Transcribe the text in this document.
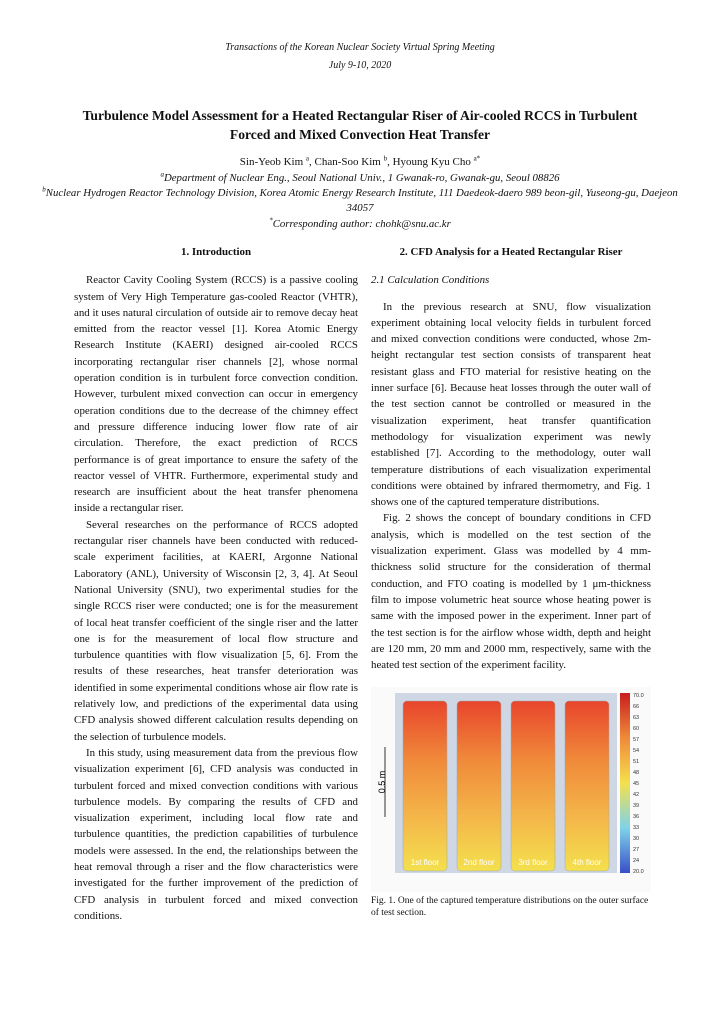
Transactions of the Korean Nuclear Society Virtual Spring Meeting
July 9-10, 2020
Turbulence Model Assessment for a Heated Rectangular Riser of Air-cooled RCCS in Turbulent Forced and Mixed Convection Heat Transfer
Sin-Yeob Kim $^a$, Chan-Soo Kim $^b$, Hyoung Kyu Cho $^{a*}$
$^a$Department of Nuclear Eng., Seoul National Univ., 1 Gwanak-ro, Gwanak-gu, Seoul 08826
$^b$Nuclear Hydrogen Reactor Technology Division, Korea Atomic Energy Research Institute, 111 Daedeok-daero 989 beon-gil, Yuseong-gu, Daejeon 34057
*Corresponding author: chohk@snu.ac.kr
1. Introduction

Reactor Cavity Cooling System (RCCS) is a passive cooling system of Very High Temperature gas-cooled Reactor (VHTR), and it uses natural circulation of outside air to remove decay heat emitted from the reactor vessel [1]. Korea Atomic Energy Research Institute (KAERI) designed air-cooled RCCS incorporating rectangular riser channels [2], whose normal operation condition is in turbulent force convection condition. However, turbulent mixed convection can occur in emergency operation conditions due to the decrease of the chimney effect and pressure difference inducing lower flow rate of air circulation. Therefore, the exact prediction of RCCS performance is of great importance to ensure the safety of the reactor vessel of VHTR. Furthermore, experimental study and research are insufficient about the heat transfer phenomena inside a rectangular riser.

Several researches on the performance of RCCS adopted rectangular riser channels have been conducted with reduced-scale experiment facilities, at KAERI, Argonne National Laboratory (ANL), University of Wisconsin [2, 3, 4]. At Seoul National University (SNU), two experimental studies for the single RCCS riser were conducted; one is for the measurement of local heat transfer coefficient of the single riser and the latter one is for the measurement of local flow structure and turbulence quantities with flow visualization [5, 6]. From the results of these researches, heat transfer deterioration was identified in some experimental conditions whose air flow rate is relatively low, and predictions of the experimental data using CFD analysis showed different calculation results depending on the selection of turbulence models.

In this study, using measurement data from the previous flow visualization experiment [6], CFD analysis was conducted in turbulent forced and mixed convection conditions with various turbulence models. By comparing the results of CFD and visualization experiment, including local flow rate and turbulence quantities, the prediction capabilities of turbulence models were assessed. In the end, the relationships between the heat removal through a riser and the flow characteristics were investigated for the further improvement of the prediction of CFD analysis in turbulent forced and mixed convection conditions.

2. CFD Analysis for a Heated Rectangular Riser
2.1 Calculation Conditions

In the previous research at SNU, flow visualization experiment obtaining local velocity fields in turbulent forced and mixed convection conditions were conducted, whose 2m-height rectangular test section consists of transparent heat resistant glass and FTO material for resistive heating on the inner surface [6]. Because heat losses through the outer wall of the test section cannot be controlled or measured in the visualization experiment, heat transfer quantification methodology for visualization experiment was newly established [7]. According to the methodology, outer wall temperature distributions of each visualization experimental conditions were obtained by infrared thermometry, and Fig. 1 shows one of the captured temperature distributions.

Fig. 2 shows the concept of boundary conditions in CFD analysis, which is modelled on the test section of the visualization experiment. Glass was modelled by 4 mm-thickness solid structure for the consideration of thermal conduction, and FTO coating is modelled by 1 μm-thickness film to impose volumetric heat source whose heating power is same with the imposed power in the experiment. Inner part of the test section is for the airflow whose width, depth and height are 120 mm, 20 mm and 2000 mm, respectively, same with the heated test section of the experiment facility.

1st floor	2nd floor	3rd floor	4th floor
0.5 m
70.0
66
63
60
57
54
51
48
45
42
39
36
33
30
27
24
20.0
Fig. 1. One of the captured temperature distributions on the outer surface of test section.
